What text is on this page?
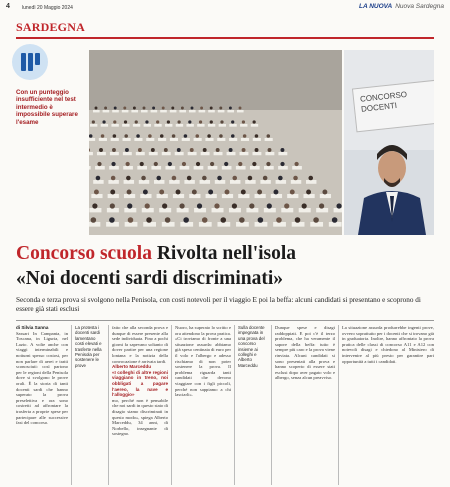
4 lunedì 20 Maggio 2024	LA NUOVA Nuova Sardegna
SARDEGNA
Con un punteggio insufficiente nel test intermedio è impossibile superare l'esame
CONCORSO
DOCENTI
Concorso scuola Rivolta nell'isola
«Noi docenti sardi discriminati»
Seconda e terza prova si svolgono nella Penisola, con costi notevoli per il viaggio E poi la beffa: alcuni candidati si presentano e scoprono di essere già stati esclusi
di Silvia Sanna
Sassari In Campania, in Toscana, in Liguria, nel Lazio. A volte anche con viaggi interminabili e notturni spesso costosi, per non parlare di aerei e tratti sconosciuti: così partono per le regioni della Penisola dove si svolgono le prove orali. È la storia di tanti docenti sardi che hanno superato la prova preselettiva e ora sono costretti ad affrontare la trasferta a proprie spese per partecipare alle successive fasi del concorso.
La protesta i docenti sardi lamentano costi elevati e trasferte nella Penisola per sostenere le prove
fatto che alla seconda prova e dunque di essere presente alla sede individuata. Fino a pochi giorni fa sapevano soltanto di dover partire per una regione lontana e la notizia della convocazione è arrivata tardi.
Alberto Marceddu
«I colleghi di altre regioni viaggiano in treno, noi obbligati a pagare l'aereo, la nave e l'alloggio»
mo, perché non è pensabile che noi sardi in questo stato di disagio siamo discriminati in questo modo», spiega Alberto Marceddu, 34 anni, di Norbello, insegnante di sostegno.
Nuoro, ha superato lo scritto e ora attendono la prova pratica. «Ci troviamo di fronte a una situazione assurda: abbiamo già speso centinaia di euro per il volo e l'albergo e adesso rischiamo di non poter sostenere la prova. Il problema riguarda tanti candidati che devono viaggiare con i figli piccoli, perché non sappiamo a chi lasciarli».
Sulla docente impegnata in una prova del concorso insieme ai colleghi e Alberto Marceddu
Dunque spese e disagi raddoppiati. E poi c'è il terzo problema, che ha veramente il sapore della beffa: tutto è sempre più caro e la prova viene rinviata. Alcuni candidati si sono presentati alla prova e hanno scoperto di essere stati esclusi dopo aver pagato volo e albergo, senza alcun preavviso.
La situazione assurda produrrebbe ingenti prove, ovvero soprattutto per i docenti che si trovano già in graduatoria. Inoltre, hanno affrontato la prova pratica delle classi di concorso A11 e A12 con notevoli disagi e chiedono al Ministero di intervenire al più presto per garantire pari opportunità a tutti i candidati.
